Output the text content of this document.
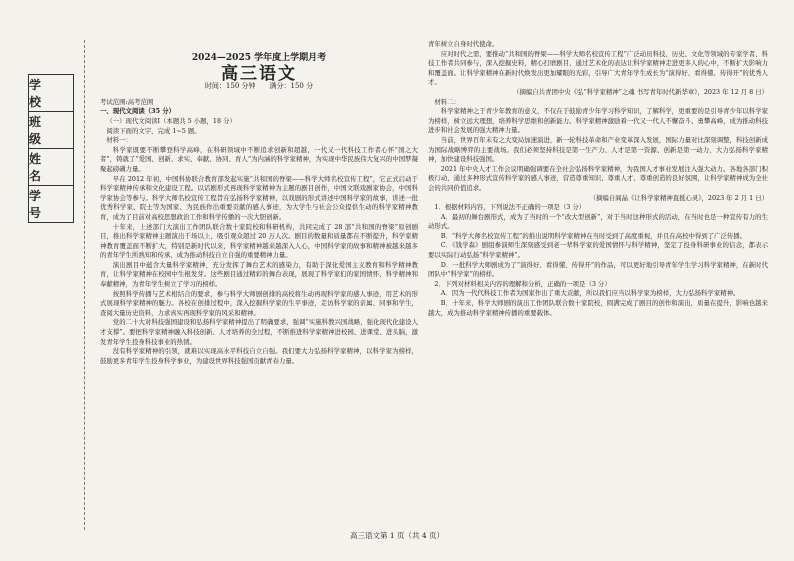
学 校
班 级
姓 名
学 号
2024—2025 学年度上学期月考
高三语文
时间：150 分钟 满分：150 分

考试范围:高考范围

一、现代文阅读（35 分）

（一）现代文阅读Ⅰ（本题共 5 小题，18 分）

阅读下面的文字，完成 1~5 题。

材料一：

科学家既要不断攀登科学高峰，在科研领域中不断追求创新和超越，一代又一代科技工作者心怀“国之大者”，铸就了“爱国、创新、求实、奉献、协同、育人”为内涵的科学家精神，为实现中华民族伟大复兴的中国梦凝聚起磅礴力量。

早在 2012 年初，中国科协联合教育部发起实施“共和国的脊梁——科学大师名校宣传工程”，它正式启动于科学家精神传承和文化建设工程。以话剧形式再现科学家精神为主题的剧目创作，中国文联戏剧家协会，中国科学家协会等参与。科学大师名校宣传工程旨在弘扬科学家精神，以戏剧的形式讲述中国科学家的故事，讲述一批优秀科学家、院士等为国家、为民族作出重要贡献的感人事迹，为大学生与社会公众提供生动的科学家精神教育，成为了目前对高校思想政治工作和科学传播的一次大胆创新。

十年来，上述部门大演出工作团队联合数十家院校和科研机构，共同完成了 28 部“共和国的脊梁”原创剧目，推出科学家精神主题演出千场以上，吸引观众超过 20 万人次。剧目的数量和质量都在不断提升，科学家精神教育覆盖面不断扩大，特别是新时代以来，科学家精神越来越深入人心，中国科学家的故事和精神被越来越多的青年学生所熟知和传承，成为推动科技自立自强的重要精神力量。

演出剧目中蕴含大量科学家精神，充分发挥了舞台艺术的感染力，有助于深化爱国主义教育和科学精神教育，让科学家精神在校园中生根发芽。这些剧目通过精彩的舞台表现，展现了科学家们的家国情怀、科学精神和奉献精神，为青年学生树立了学习的榜样。

按照科学传播与艺术相结合的要求，参与科学大师剧创排的高校将生动再现科学家的感人事迹，用艺术的形式展现科学家精神的魅力。各校在创排过程中，深入挖掘科学家的生平事迹，走访科学家的亲属、同事和学生，查阅大量历史资料，力求真实再现科学家的风采和精神。

党的二十大对科技强国建设和弘扬科学家精神提出了明确要求，强调“实施科教兴国战略，强化现代化建设人才支撑”。要把科学家精神融入科技创新、人才培养的全过程，不断推进科学家精神进校园、进课堂、进头脑，激发青年学生投身科技事业的热情。

没有科学家精神的引领，就难以实现高水平科技自立自强。我们要大力弘扬科学家精神，以科学家为榜样，鼓励更多青年学生投身科学事业，为建设世界科技强国贡献青春力量。

青年树立自身时代使命。

应对时代之需，要推动“共和国的脊梁——科学大师名校宣传工程”广泛动员科技、历史、文化等领域的专家学者、科技工作者共同参与，深入挖掘史料，精心打磨剧目，通过艺术化的表达让科学家精神走进更多人的心中，不断扩大影响力和覆盖面。让科学家精神在新时代焕发出更加耀眼的光彩，引导广大青年学生成长为“演得好、看得懂、传得开”的优秀人才。

（摘编自共青团中央《弘“科学家精神”之魂 书写青年时代新华章》，2023 年 12 月 8 日）

材料二：

科学家精神之于青少年教育的意义，不仅在于鼓励青少年学习科学知识，了解科学，更重要的是引导青少年以科学家为榜样，树立远大理想，培养科学思维和创新能力。科学家精神激励着一代又一代人不懈奋斗、勇攀高峰，成为推动科技进步和社会发展的强大精神力量。

当前，世界百年未有之大变局加速演进，新一轮科技革命和产业变革深入发展，国际力量对比深刻调整，科技创新成为国际战略博弈的主要战场。我们必须坚持科技是第一生产力、人才是第一资源、创新是第一动力，大力弘扬科学家精神，加快建设科技强国。

2021 年中央人才工作会议明确强调要在全社会弘扬科学家精神，为我国人才事业发展注入强大动力。各地各部门积极行动，通过多种形式宣传科学家的感人事迹，营造尊重知识、尊重人才、尊重创造的良好氛围，让科学家精神成为全社会的共同价值追求。

（摘编自阎晶《让科学家精神直抵心灵》，2023 年 2 月 1 日）

1．根据材料内容，下列说法不正确的一项是（3 分）

A．最初的舞台剧形式，成为了当时的一个“改大型创新”，对于当时这种形式的活动，在当时也是一种宣传有力的生动形式。

B．“科学大师名校宣传工程”的推出说明科学家精神在当时受到了高度重视，并且在高校中得到了广泛传播。

C．《钱学森》剧组参演师生深刻感受到老一辈科学家的爱国情怀与科学精神，坚定了投身科研事业的信念，都表示要以实际行动弘扬“科学家精神”。

D．一批科学大师剧成为了“演得好、看得懂、传得开”的作品，可以更好地引导青年学生学习科学家精神，在新时代团队中“科学家”的榜样。

2．下列对材料相关内容的理解和分析，正确的一项是（3 分）

A．因为一代代科技工作者为国家作出了重大贡献，所以我们应当以科学家为榜样，大力弘扬科学家精神。

B．十年来，科学大师剧的演出工作团队联合数十家院校，圆满完成了剧目的创作和演出，质量在提升，影响也越来越大，成为推动科学家精神传播的重要载体。

高三语文第 1 页（共 4 页）
